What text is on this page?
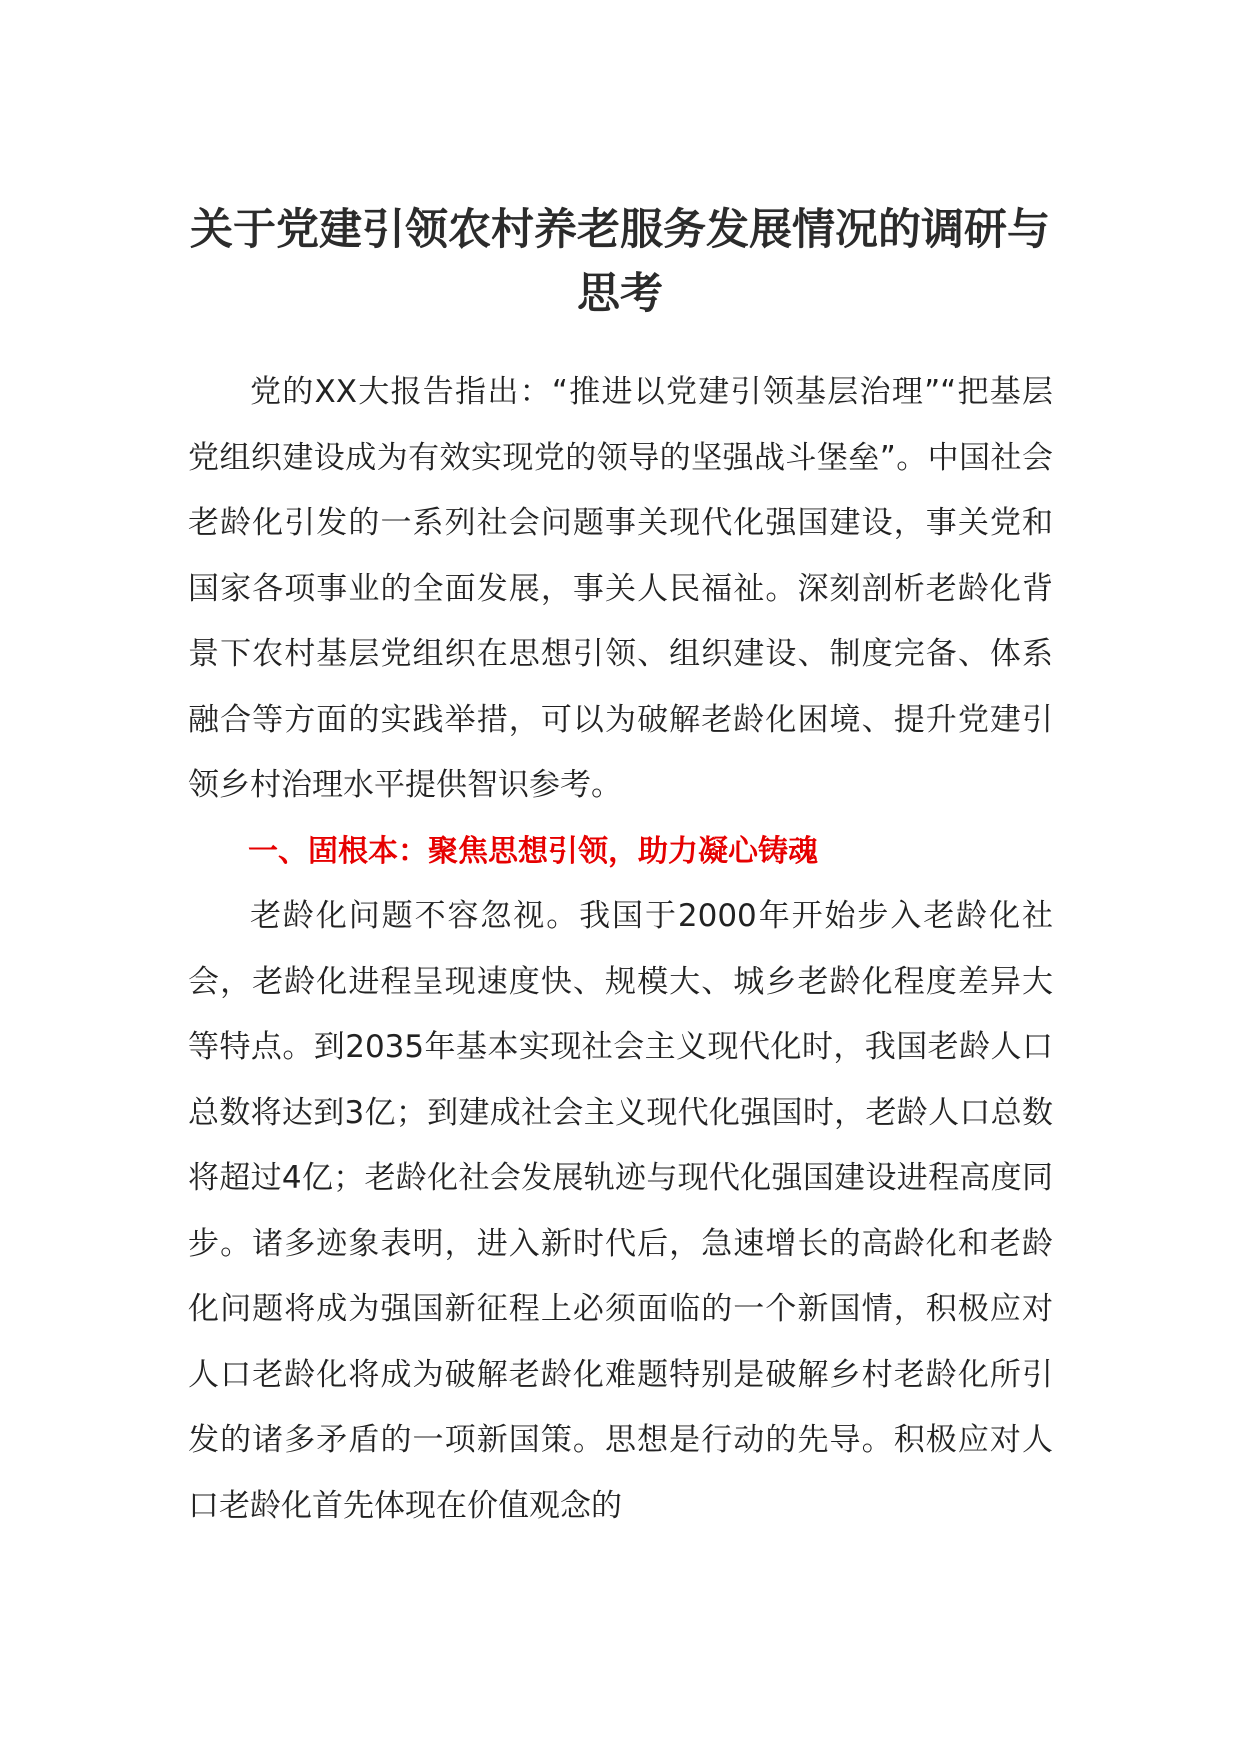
关于党建引领农村养老服务发展情况的调研与思考

党的XX大报告指出：“推进以党建引领基层治理”“把基层党组织建设成为有效实现党的领导的坚强战斗堡垒”。中国社会老龄化引发的一系列社会问题事关现代化强国建设，事关党和国家各项事业的全面发展，事关人民福祉。深刻剖析老龄化背景下农村基层党组织在思想引领、组织建设、制度完备、体系融合等方面的实践举措，可以为破解老龄化困境、提升党建引领乡村治理水平提供智识参考。

一、固根本：聚焦思想引领，助力凝心铸魂

老龄化问题不容忽视。我国于2000年开始步入老龄化社会，老龄化进程呈现速度快、规模大、城乡老龄化程度差异大等特点。到2035年基本实现社会主义现代化时，我国老龄人口总数将达到3亿；到建成社会主义现代化强国时，老龄人口总数将超过4亿；老龄化社会发展轨迹与现代化强国建设进程高度同步。诸多迹象表明，进入新时代后，急速增长的高龄化和老龄化问题将成为强国新征程上必须面临的一个新国情，积极应对人口老龄化将成为破解老龄化难题特别是破解乡村老龄化所引发的诸多矛盾的一项新国策。思想是行动的先导。积极应对人口老龄化首先体现在价值观念的
